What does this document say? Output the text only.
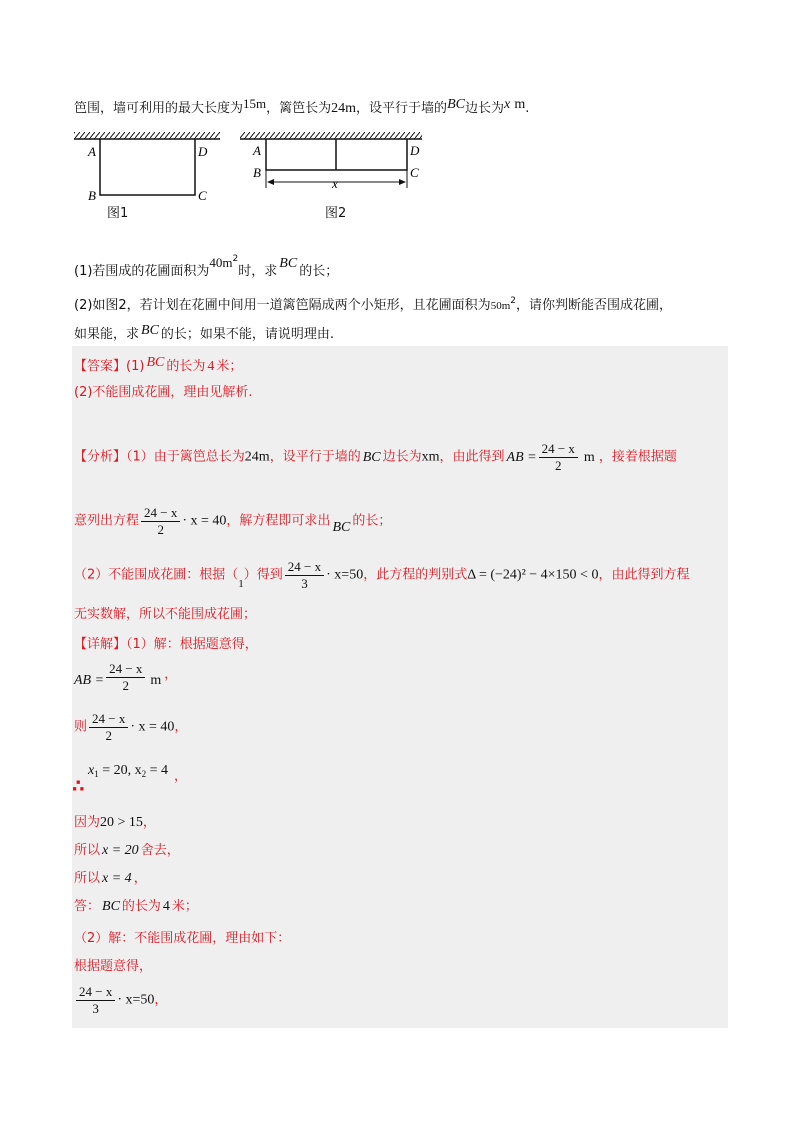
笆围，墙可利用的最大长度为15m，篱笆长为24m，设平行于墙的BC边长为x m.
A	D
B	C
A	D
B	C
x
图1	图2
(1)若围成的花圃面积为$40m^2$时，求BC的长；
(2)如图2，若计划在花圃中间用一道篱笆隔成两个小矩形，且花圃面积为$50m^2$，请你判断能否围成花圃，
如果能，求 BC 的长；如果不能，请说明理由.
【答案】(1) BC 的长为 4 米；
(2)不能围成花圃，理由见解析.
【分析】（1）由于篱笆总长为24m，设平行于墙的 BC 边长为xm，由此得到 AB = $\frac{24 - x}{2}$ m ，接着根据题
意列出方程 $\frac{24 - x}{2} \cdot x = 40$，解方程即可求出 BC 的长；
（2）不能围成花圃：根据$(_1)$得到 $\frac{24 - x}{3} \cdot x=50$，此方程的判别式Δ = (−24)² − 4×150 < 0，由此得到方程
无实数解，所以不能围成花圃；
【详解】（1）解：根据题意得，
AB = $\frac{24 - x}{2}$ m ，
则 $\frac{24 - x}{2} \cdot x = 40$，
$x_1 = 20$, $x_2 = 4$ ，
∴
因为20 > 15，
所以 x = 20 舍去，
所以 x = 4 ，
答： BC 的长为 4 米；
（2）解：不能围成花圃，理由如下：
根据题意得，
$\frac{24 - x}{3} \cdot x=50$，
